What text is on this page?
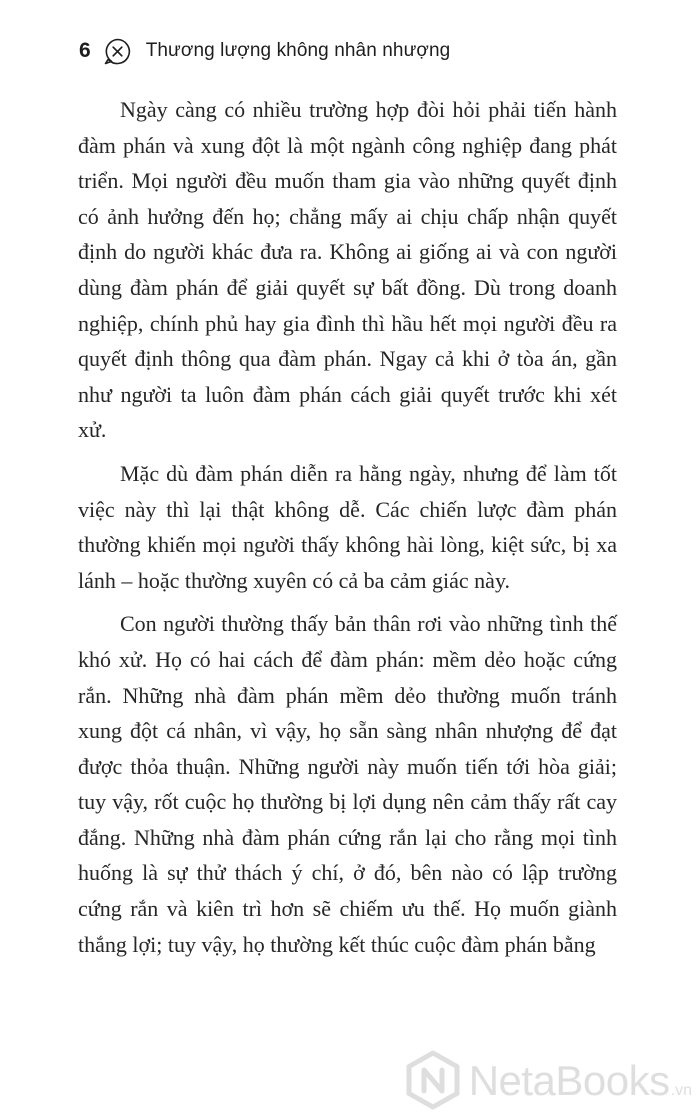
6	Thương lượng không nhân nhượng

Ngày càng có nhiều trường hợp đòi hỏi phải tiến hành đàm phán và xung đột là một ngành công nghiệp đang phát triển. Mọi người đều muốn tham gia vào những quyết định có ảnh hưởng đến họ; chẳng mấy ai chịu chấp nhận quyết định do người khác đưa ra. Không ai giống ai và con người dùng đàm phán để giải quyết sự bất đồng. Dù trong doanh nghiệp, chính phủ hay gia đình thì hầu hết mọi người đều ra quyết định thông qua đàm phán. Ngay cả khi ở tòa án, gần như người ta luôn đàm phán cách giải quyết trước khi xét xử.

Mặc dù đàm phán diễn ra hằng ngày, nhưng để làm tốt việc này thì lại thật không dễ. Các chiến lược đàm phán thường khiến mọi người thấy không hài lòng, kiệt sức, bị xa lánh – hoặc thường xuyên có cả ba cảm giác này.

Con người thường thấy bản thân rơi vào những tình thế khó xử. Họ có hai cách để đàm phán: mềm dẻo hoặc cứng rắn. Những nhà đàm phán mềm dẻo thường muốn tránh xung đột cá nhân, vì vậy, họ sẵn sàng nhân nhượng để đạt được thỏa thuận. Những người này muốn tiến tới hòa giải; tuy vậy, rốt cuộc họ thường bị lợi dụng nên cảm thấy rất cay đắng. Những nhà đàm phán cứng rắn lại cho rằng mọi tình huống là sự thử thách ý chí, ở đó, bên nào có lập trường cứng rắn và kiên trì hơn sẽ chiếm ưu thế. Họ muốn giành thắng lợi; tuy vậy, họ thường kết thúc cuộc đàm phán bằng

NetaBooks .vn
